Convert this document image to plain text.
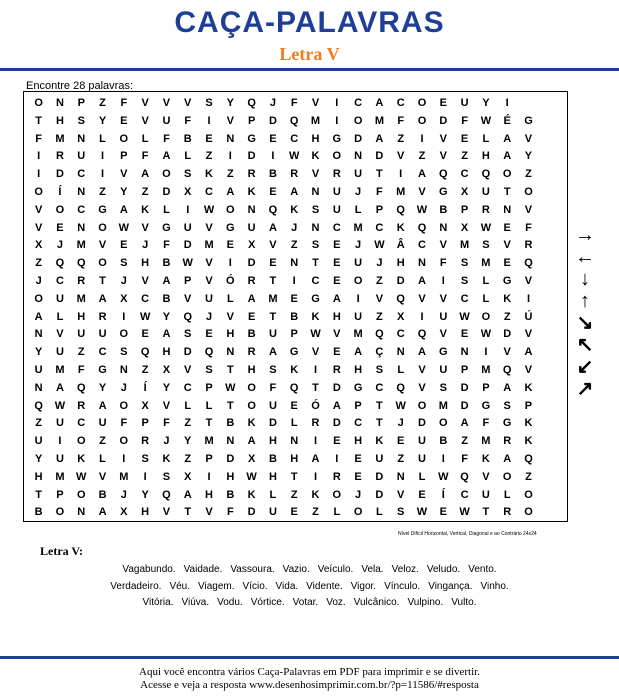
CAÇA-PALAVRAS
Letra V
Encontre 28 palavras:
O	N	P	Z	F	V	V	V	S	Y	Q	J	F	V	I	C	A	C	O	E	U	Y	I
T	H	S	Y	E	V	U	F	I	V	P	D	Q	M	I	O	M	F	O	D	F	W	É	G
F	M	N	L	O	L	F	B	E	N	G	E	C	H	G	D	A	Z	I	V	E	L	A	V
I	R	U	I	P	F	A	L	Z	I	D	I	W	K	O	N	D	V	Z	V	Z	H	A	Y
I	D	C	I	V	A	O	S	K	Z	R	B	R	V	R	U	T	I	A	Q	C	Q	O	Z
O	Í	N	Z	Y	Z	D	X	C	A	K	E	A	N	U	J	F	M	V	G	X	U	T	O
V	O	C	G	A	K	L	I	W	O	N	Q	K	S	U	L	P	Q	W	B	P	R	N	V
V	E	N	O	W	V	G	U	V	G	U	A	J	N	C	M	C	K	Q	N	X	W	E	F
X	J	M	V	E	J	F	D	M	E	X	V	Z	S	E	J	W	Â	C	V	M	S	V	R
Z	Q	Q	O	S	H	B	W	V	I	D	E	N	T	E	U	J	H	N	F	S	M	E	Q
J	C	R	T	J	V	A	P	V	Ó	R	T	I	C	E	O	Z	D	A	I	S	L	G	V
O	U	M	A	X	C	B	V	U	L	A	M	E	G	A	I	V	Q	V	V	C	L	K	I
A	L	H	R	I	W	Y	Q	J	V	E	T	B	K	H	U	Z	X	I	U	W	O	Z	Ú
N	V	U	U	O	E	A	S	E	H	B	U	P	W	V	M	Q	C	Q	V	E	W	D	V
Y	U	Z	C	S	Q	H	D	Q	N	R	A	G	V	E	A	Ç	N	A	G	N	I	V	A
U	M	F	G	N	Z	X	V	S	T	H	S	K	I	R	H	S	L	V	U	P	M	Q	V
N	A	Q	Y	J	Í	Y	C	P	W	O	F	Q	T	D	G	C	Q	V	S	D	P	A	K
Q	W	R	A	O	X	V	L	L	T	O	U	E	Ó	A	P	T	W	O	M	D	G	S	P
Z	U	C	U	F	P	F	Z	T	B	K	D	L	R	D	C	T	J	D	O	A	F	G	K
U	I	O	Z	O	R	J	Y	M	N	A	H	N	I	E	H	K	E	U	B	Z	M	R	K
Y	U	K	L	I	S	K	Z	P	D	X	B	H	A	I	E	U	Z	U	I	F	K	A	Q
H	M	W	V	M	I	S	X	I	H	W	H	T	I	R	E	D	N	L	W	Q	V	O	Z
T	P	O	B	J	Y	Q	A	H	B	K	L	Z	K	O	J	D	V	E	Í	C	U	L	O
B	O	N	A	X	H	V	T	V	F	D	U	E	Z	L	O	L	S	W	E	W	T	R	O
Nível Difícil Horizontal, Vertical, Diagonal e ao Contrário 24x24
→
←
↓
↑
↘
↖
↙
↗
Letra V:
Vagabundo. Vaidade. Vassoura. Vazio. Veículo. Vela. Veloz. Veludo. Vento.
Verdadeiro. Véu. Viagem. Vício. Vida. Vidente. Vigor. Vínculo. Vingança. Vinho.
Vitória. Viúva. Vodu. Vórtice. Votar. Voz. Vulcânico. Vulpino. Vulto.
Aqui você encontra vários Caça-Palavras em PDF para imprimir e se divertir.
Acesse e veja a resposta www.desenhosimprimir.com.br/?p=11586/#resposta
